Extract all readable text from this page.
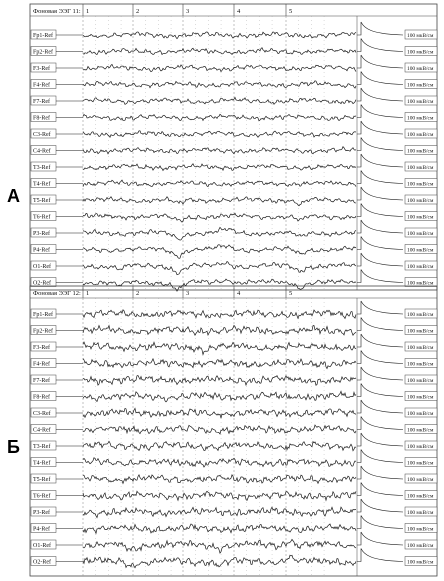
А
Б
Фоновая ЭЭГ 11: 1	2	3	4	5
Fp1-Ref	100 мкВ/см
Fp2-Ref	100 мкВ/см
F3-Ref	100 мкВ/см
F4-Ref	100 мкВ/см
F7-Ref	100 мкВ/см
F8-Ref	100 мкВ/см
C3-Ref	100 мкВ/см
C4-Ref	100 мкВ/см
T3-Ref	100 мкВ/см
T4-Ref	100 мкВ/см
T5-Ref	100 мкВ/см
T6-Ref	100 мкВ/см
P3-Ref	100 мкВ/см
P4-Ref	100 мкВ/см
O1-Ref	100 мкВ/см
O2-Ref	100 мкВ/см
Фоновая ЭЭГ 12: 1	2	3	4	5
Fp1-Ref	100 мкВ/см
Fp2-Ref	100 мкВ/см
F3-Ref	100 мкВ/см
F4-Ref	100 мкВ/см
F7-Ref	100 мкВ/см
F8-Ref	100 мкВ/см
C3-Ref	100 мкВ/см
C4-Ref	100 мкВ/см
T3-Ref	100 мкВ/см
T4-Ref	100 мкВ/см
T5-Ref	100 мкВ/см
T6-Ref	100 мкВ/см
P3-Ref	100 мкВ/см
P4-Ref	100 мкВ/см
O1-Ref	100 мкВ/см
O2-Ref	100 мкВ/см
